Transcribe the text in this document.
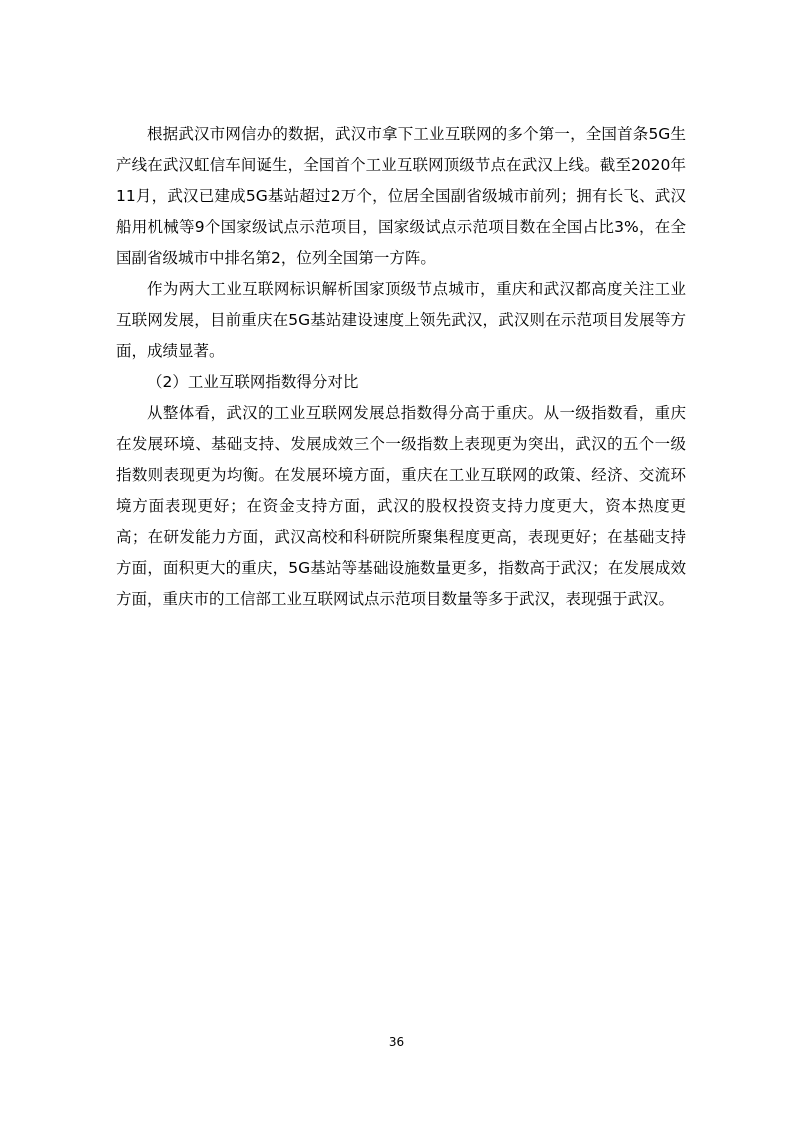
根据武汉市网信办的数据，武汉市拿下工业互联网的多个第一，全国首条5G生产线在武汉虹信车间诞生，全国首个工业互联网顶级节点在武汉上线。截至2020年11月，武汉已建成5G基站超过2万个，位居全国副省级城市前列；拥有长飞、武汉船用机械等9个国家级试点示范项目，国家级试点示范项目数在全国占比3%，在全国副省级城市中排名第2，位列全国第一方阵。

作为两大工业互联网标识解析国家顶级节点城市，重庆和武汉都高度关注工业互联网发展，目前重庆在5G基站建设速度上领先武汉，武汉则在示范项目发展等方面，成绩显著。

（2）工业互联网指数得分对比

从整体看，武汉的工业互联网发展总指数得分高于重庆。从一级指数看，重庆在发展环境、基础支持、发展成效三个一级指数上表现更为突出，武汉的五个一级指数则表现更为均衡。在发展环境方面，重庆在工业互联网的政策、经济、交流环境方面表现更好；在资金支持方面，武汉的股权投资支持力度更大，资本热度更高；在研发能力方面，武汉高校和科研院所聚集程度更高，表现更好；在基础支持方面，面积更大的重庆，5G基站等基础设施数量更多，指数高于武汉；在发展成效方面，重庆市的工信部工业互联网试点示范项目数量等多于武汉，表现强于武汉。

36
